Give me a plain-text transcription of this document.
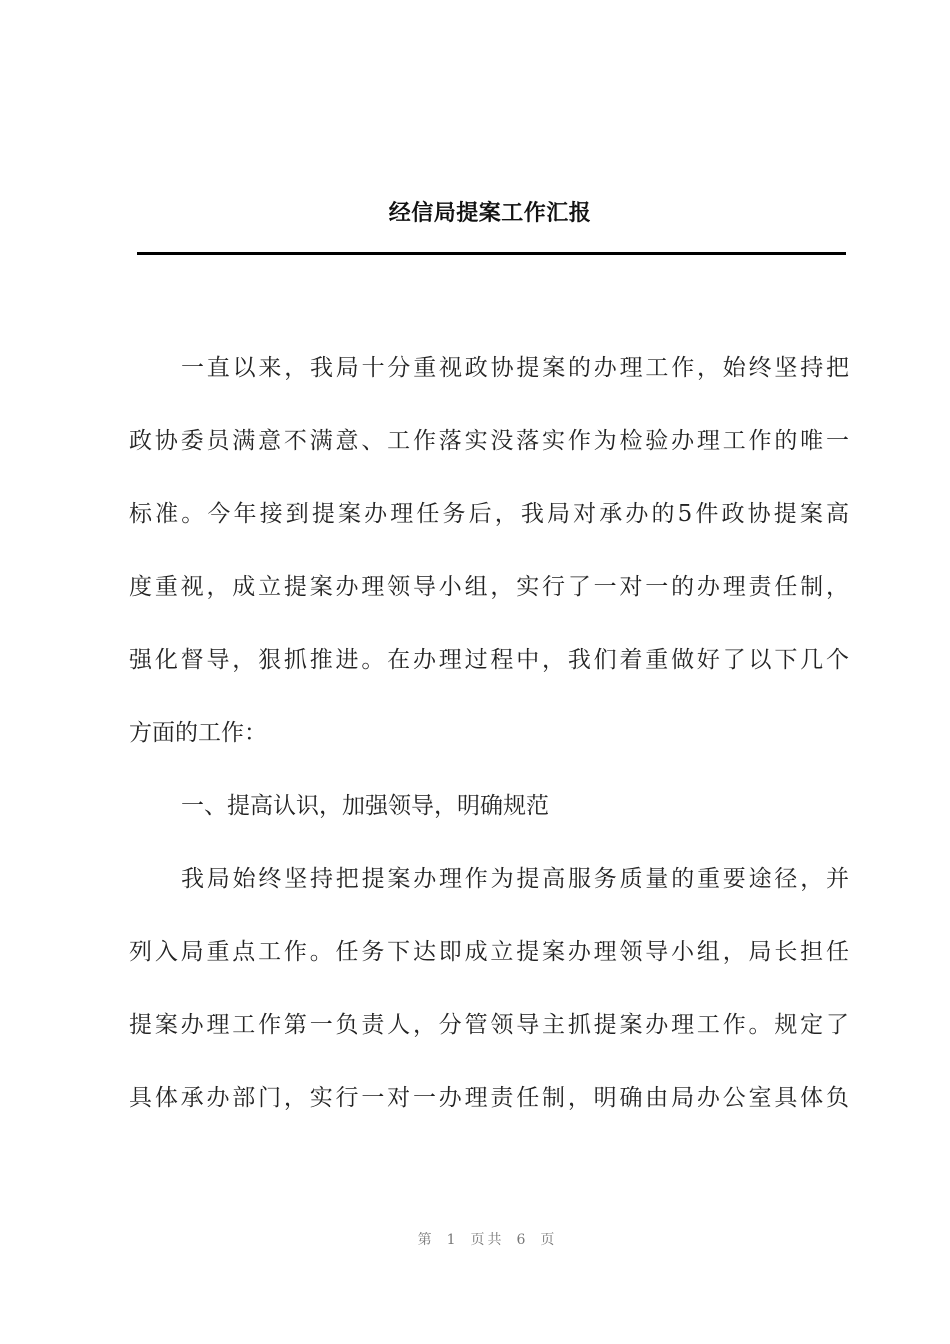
经信局提案工作汇报
一直以来，我局十分重视政协提案的办理工作，始终坚持把
政协委员满意不满意、工作落实没落实作为检验办理工作的唯一
标准。今年接到提案办理任务后，我局对承办的5件政协提案高
度重视，成立提案办理领导小组，实行了一对一的办理责任制，
强化督导，狠抓推进。在办理过程中，我们着重做好了以下几个
方面的工作：
一、提高认识，加强领导，明确规范
我局始终坚持把提案办理作为提高服务质量的重要途径，并
列入局重点工作。任务下达即成立提案办理领导小组，局长担任
提案办理工作第一负责人，分管领导主抓提案办理工作。规定了
具体承办部门，实行一对一办理责任制，明确由局办公室具体负
第 1 页共 6 页
